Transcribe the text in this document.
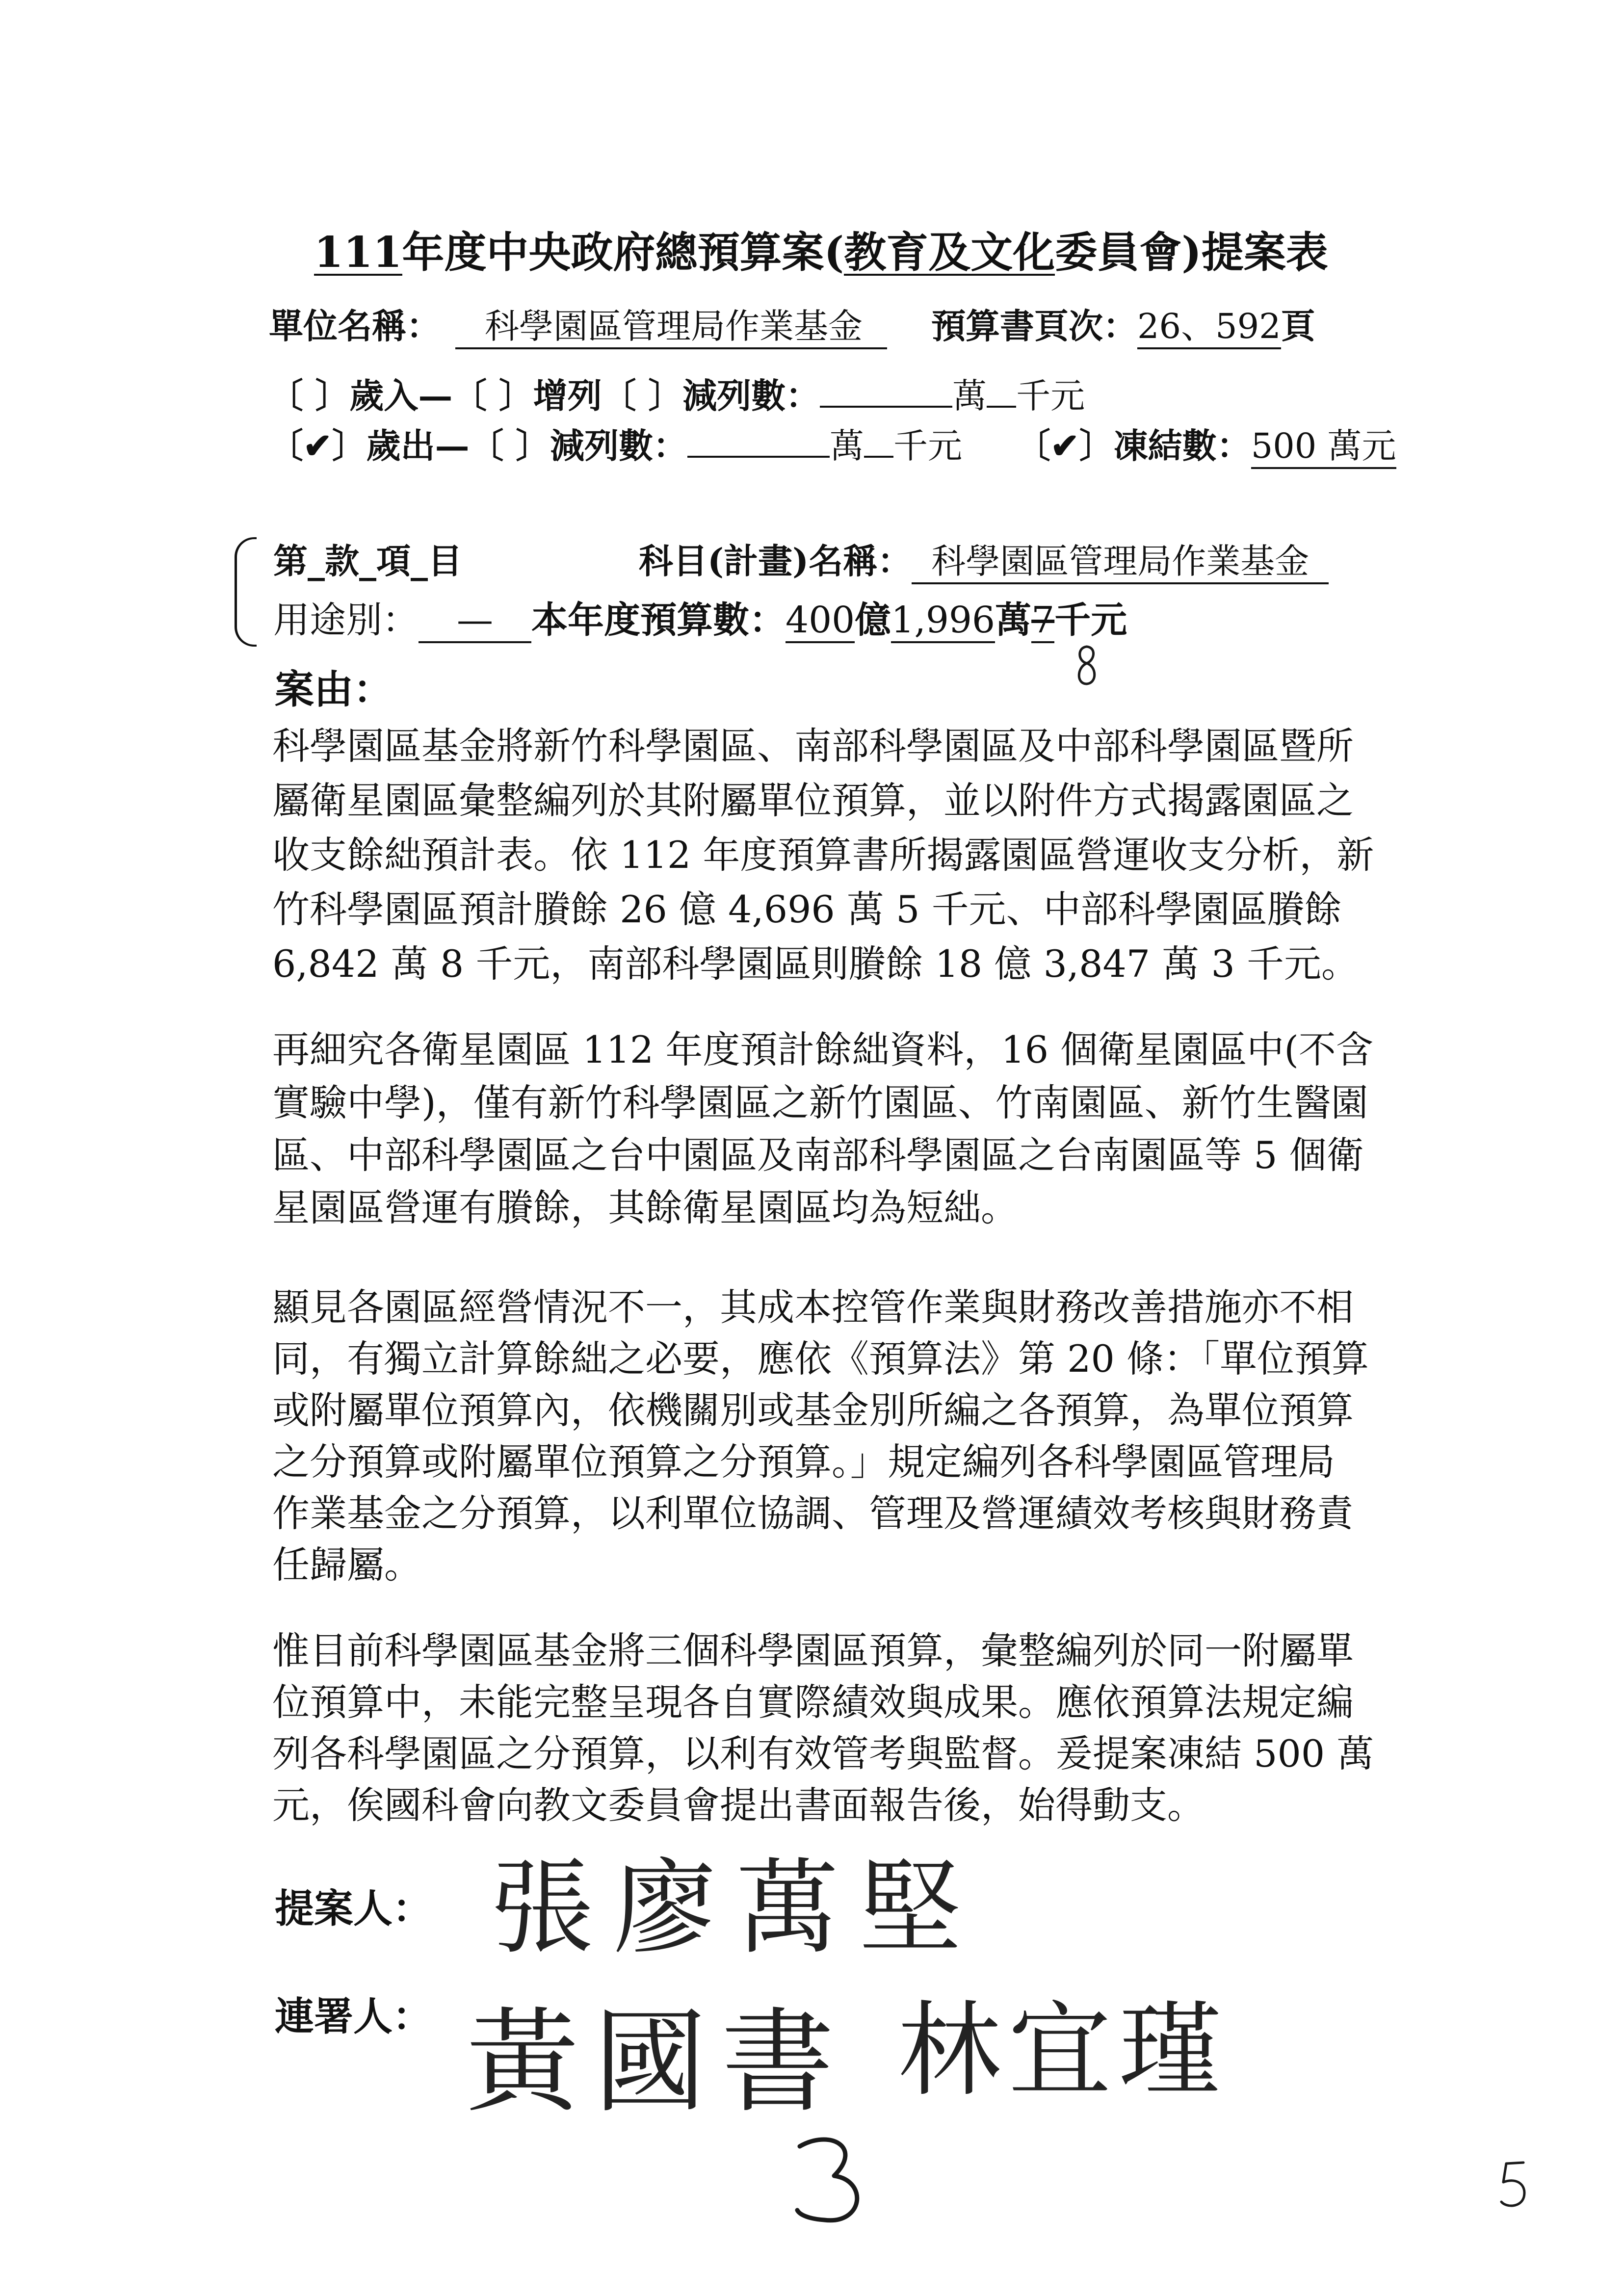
111年度中央政府總預算案(教育及文化委員會)提案表
單位名稱： 科學園區管理局作業基金 預算書頁次：26、592頁
〔 〕歲入—〔 〕增列〔 〕減列數：	萬 千元
〔✔〕歲出—〔 〕減列數：	萬 千元 〔✔〕凍結數：500 萬元
第_款_項_目	科目(計畫)名稱： 科學園區管理局作業基金
用途別： — 本年度預算數：400億1,996萬7千元
案由：
科學園區基金將新竹科學園區、南部科學園區及中部科學園區暨所
屬衛星園區彙整編列於其附屬單位預算，並以附件方式揭露園區之
收支餘絀預計表。依 112 年度預算書所揭露園區營運收支分析，新
竹科學園區預計賸餘 26 億 4,696 萬 5 千元、中部科學園區賸餘
6,842 萬 8 千元，南部科學園區則賸餘 18 億 3,847 萬 3 千元。
再細究各衛星園區 112 年度預計餘絀資料，16 個衛星園區中(不含
實驗中學)，僅有新竹科學園區之新竹園區、竹南園區、新竹生醫園
區、中部科學園區之台中園區及南部科學園區之台南園區等 5 個衛
星園區營運有賸餘，其餘衛星園區均為短絀。
顯見各園區經營情況不一，其成本控管作業與財務改善措施亦不相
同，有獨立計算餘絀之必要，應依《預算法》第 20 條：「單位預算
或附屬單位預算內，依機關別或基金別所編之各預算，為單位預算
之分預算或附屬單位預算之分預算。」規定編列各科學園區管理局
作業基金之分預算，以利單位協調、管理及營運績效考核與財務責
任歸屬。
惟目前科學園區基金將三個科學園區預算，彙整編列於同一附屬單
位預算中，未能完整呈現各自實際績效與成果。應依預算法規定編
列各科學園區之分預算，以利有效管考與監督。爰提案凍結 500 萬
元，俟國科會向教文委員會提出書面報告後，始得動支。
提案人： 張廖萬堅
連署人： 黃國書 林宜瑾
